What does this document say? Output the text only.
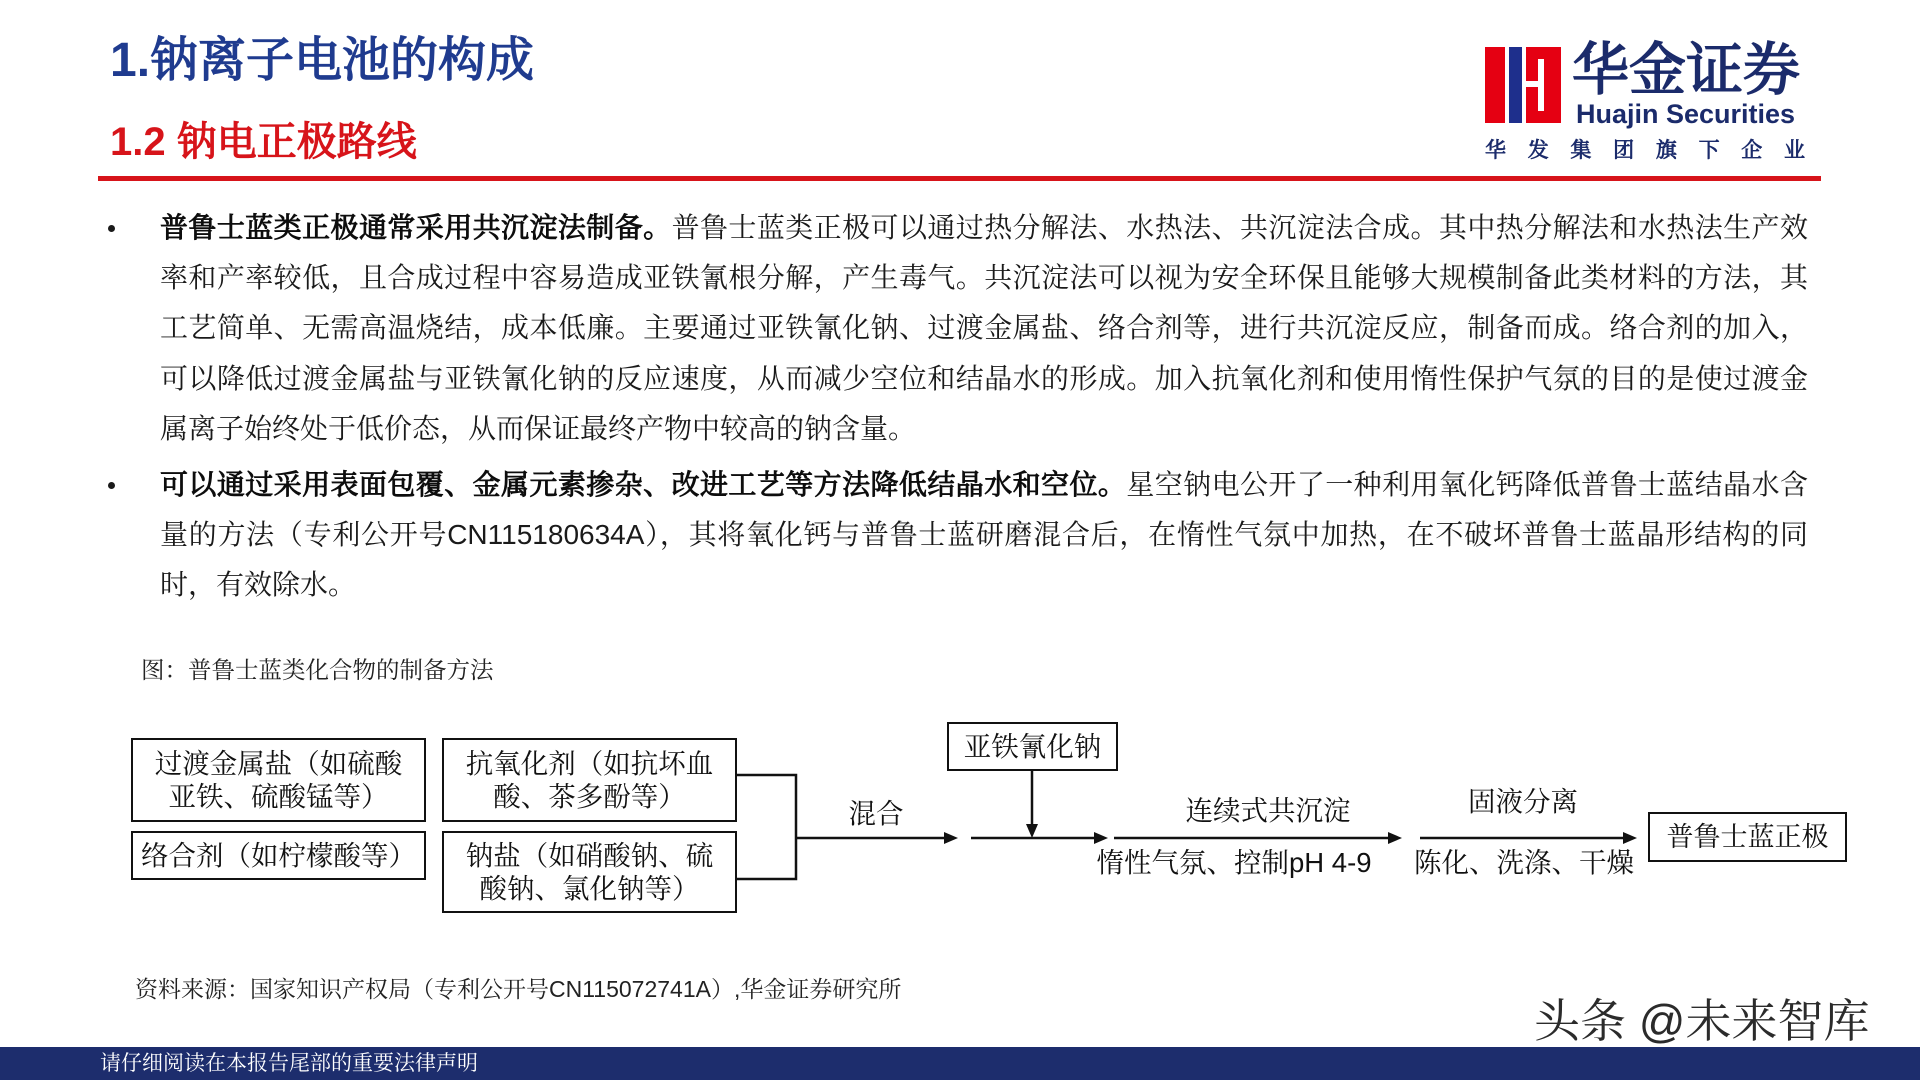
1.钠离子电池的构成
1.2 钠电正极路线
华金证券
Huajin Securities
华 发 集 团 旗 下 企 业
普鲁士蓝类正极通常采用共沉淀法制备。普鲁士蓝类正极可以通过热分解法、水热法、共沉淀法合成。其中热分解法和水热法生产效率和产率较低，且合成过程中容易造成亚铁氰根分解，产生毒气。共沉淀法可以视为安全环保且能够大规模制备此类材料的方法，其工艺简单、无需高温烧结，成本低廉。主要通过亚铁氰化钠、过渡金属盐、络合剂等，进行共沉淀反应，制备而成。络合剂的加入，可以降低过渡金属盐与亚铁氰化钠的反应速度，从而减少空位和结晶水的形成。加入抗氧化剂和使用惰性保护气氛的目的是使过渡金属离子始终处于低价态，从而保证最终产物中较高的钠含量。
可以通过采用表面包覆、金属元素掺杂、改进工艺等方法降低结晶水和空位。星空钠电公开了一种利用氧化钙降低普鲁士蓝结晶水含量的方法（专利公开号CN115180634A），其将氧化钙与普鲁士蓝研磨混合后，在惰性气氛中加热，在不破坏普鲁士蓝晶形结构的同时，有效除水。
图：普鲁士蓝类化合物的制备方法
过渡金属盐（如硫酸亚铁、硫酸锰等）
络合剂（如柠檬酸等）
抗氧化剂（如抗坏血酸、茶多酚等）
钠盐（如硝酸钠、硫酸钠、氯化钠等）
亚铁氰化钠
普鲁士蓝正极
混合	连续式共沉淀
惰性气氛、控制pH 4-9
固液分离
陈化、洗涤、干燥
资料来源：国家知识产权局（专利公开号CN115072741A）,华金证券研究所
请仔细阅读在本报告尾部的重要法律声明
头条 @未来智库
